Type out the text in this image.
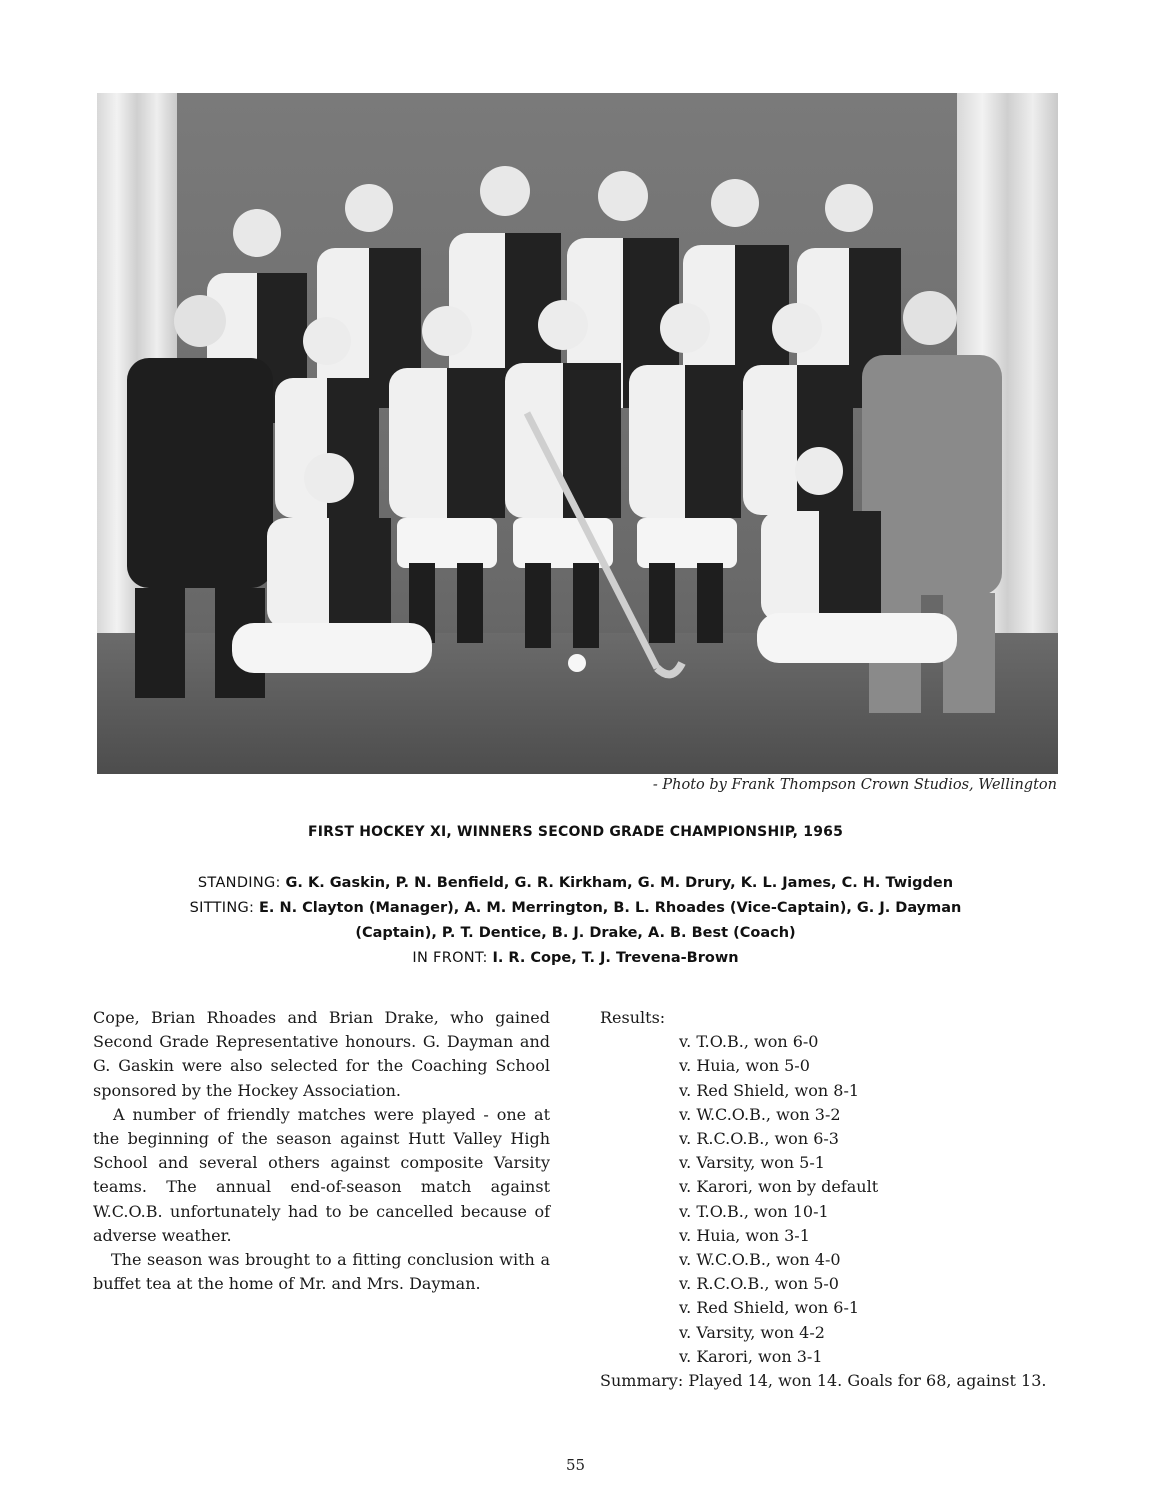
- Photo by Frank Thompson Crown Studios, Wellington
FIRST HOCKEY XI, WINNERS SECOND GRADE CHAMPIONSHIP, 1965
STANDING: G. K. Gaskin, P. N. Benfield, G. R. Kirkham, G. M. Drury, K. L. James, C. H. Twigden
SITTING: E. N. Clayton (Manager), A. M. Merrington, B. L. Rhoades (Vice-Captain), G. J. Dayman
(Captain), P. T. Dentice, B. J. Drake, A. B. Best (Coach)
IN FRONT: I. R. Cope, T. J. Trevena-Brown

Cope, Brian Rhoades and Brian Drake, who gained Second Grade Representative honours. G. Dayman and G. Gaskin were also selected for the Coaching School sponsored by the Hockey Association.

A number of friendly matches were played - one at the beginning of the season against Hutt Valley High School and several others against composite Varsity teams. The annual end-of-season match against W.C.O.B. unfortunately had to be cancelled because of adverse weather.

The season was brought to a fitting conclusion with a buffet tea at the home of Mr. and Mrs. Dayman.

Results:
v. T.O.B., won 6-0
v. Huia, won 5-0
v. Red Shield, won 8-1
v. W.C.O.B., won 3-2
v. R.C.O.B., won 6-3
v. Varsity, won 5-1
v. Karori, won by default
v. T.O.B., won 10-1
v. Huia, won 3-1
v. W.C.O.B., won 4-0
v. R.C.O.B., won 5-0
v. Red Shield, won 6-1
v. Varsity, won 4-2
v. Karori, won 3-1
Summary: Played 14, won 14. Goals for 68, against 13.
55
